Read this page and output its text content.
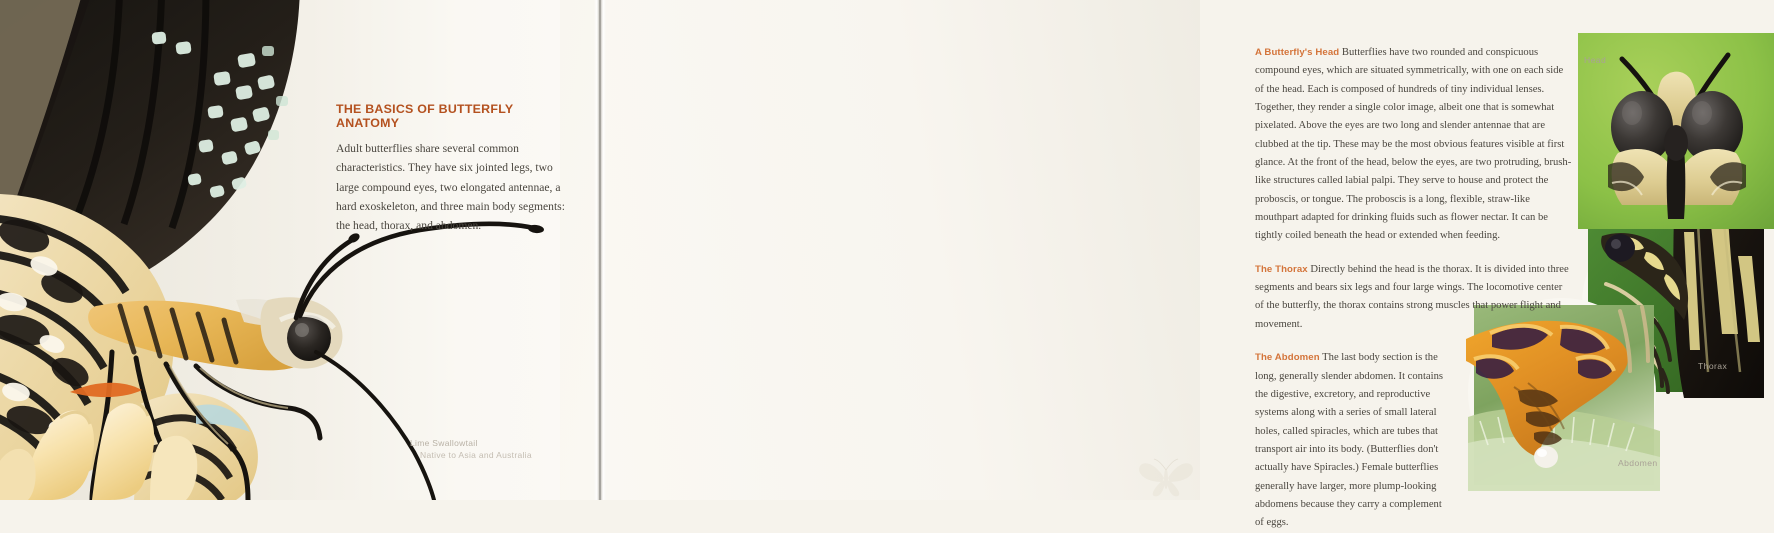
Lime Swallowtail
Native to Asia and Australia
THE BASICS OF BUTTERFLY ANATOMY

Adult butterflies share several common characteristics. They have six jointed legs, two large compound eyes, two elongated antennae, a hard exoskeleton, and three main body segments: the head, thorax, and abdomen.

Head
Thorax
Abdomen

A Butterfly's Head Butterflies have two rounded and conspicuous compound eyes, which are situated symmetrically, with one on each side of the head. Each is composed of hundreds of tiny individual lenses. Together, they render a single color image, albeit one that is somewhat pixelated. Above the eyes are two long and slender antennae that are clubbed at the tip. These may be the most obvious features visible at first glance. At the front of the head, below the eyes, are two protruding, brush-like structures called labial palpi. They serve to house and protect the proboscis, or tongue. The proboscis is a long, flexible, straw-like mouthpart adapted for drinking fluids such as flower nectar. It can be tightly coiled beneath the head or extended when feeding.

The Thorax Directly behind the head is the thorax. It is divided into three segments and bears six legs and four large wings. The locomotive center of the butterfly, the thorax contains strong muscles that power flight and movement.

The Abdomen The last body section is the long, generally slender abdomen. It contains the digestive, excretory, and reproductive systems along with a series of small lateral holes, called spiracles, which are tubes that transport air into its body. (Butterflies don't actually have Spiracles.) Female butterflies generally have larger, more plump-looking abdomens because they carry a complement of eggs.
